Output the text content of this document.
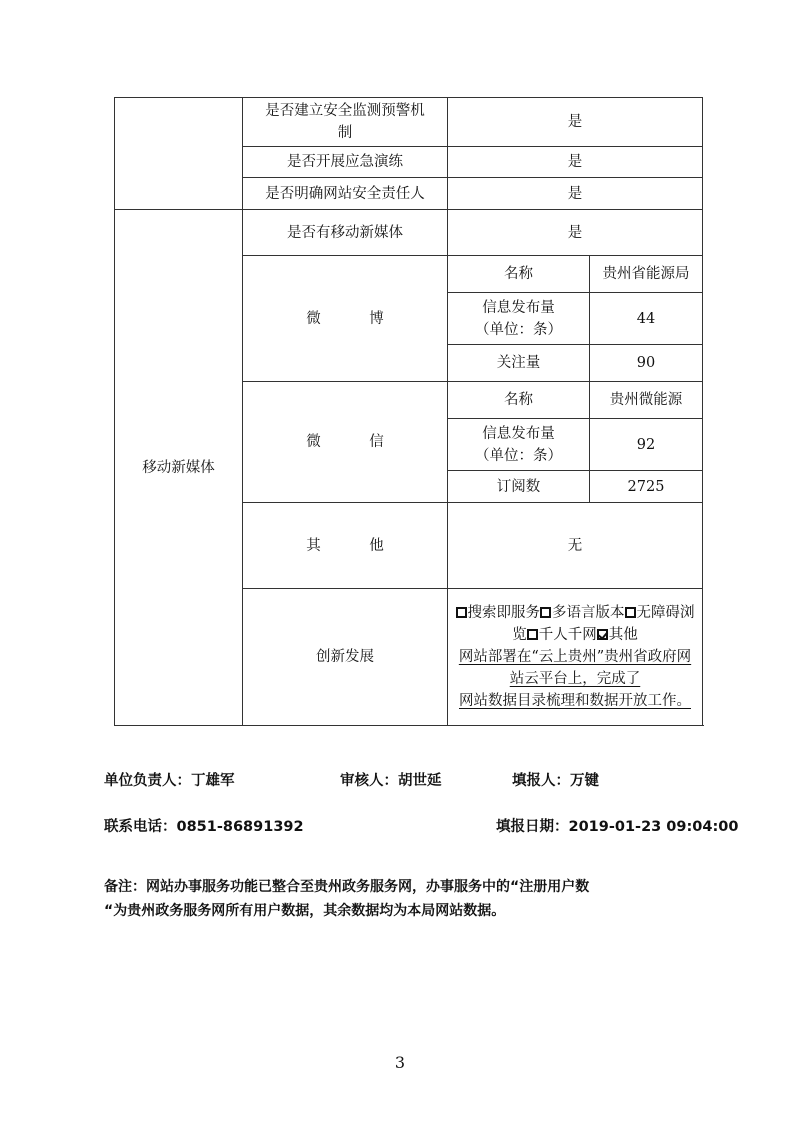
	是否建立安全监测预警机制	是	
	是否开展应急演练	是	
	是否明确网站安全责任人	是	
移动新媒体	是否有移动新媒体	是	
	微 博	名称	贵州省能源局

		信息发布量
（单位：条）	44
		关注量	90
	微 信	名称	贵州微能源

		信息发布量
（单位：条）	92
		订阅数	2725
	其 他	无	
	创新发展	搜索即服务 多语言版本 无障碍浏览 千人千网 其他
网站部署在“云上贵州”贵州省政府网站云平台上，完成了
网站数据目录梳理和数据开放工作。	
单位负责人：丁雄军	审核人：胡世延	填报人：万键
联系电话：0851-86891392	填报日期：2019-01-23 09:04:00
备注：网站办事服务功能已整合至贵州政务服务网，办事服务中的“注册用户数
“为贵州政务服务网所有用户数据，其余数据均为本局网站数据。
3
